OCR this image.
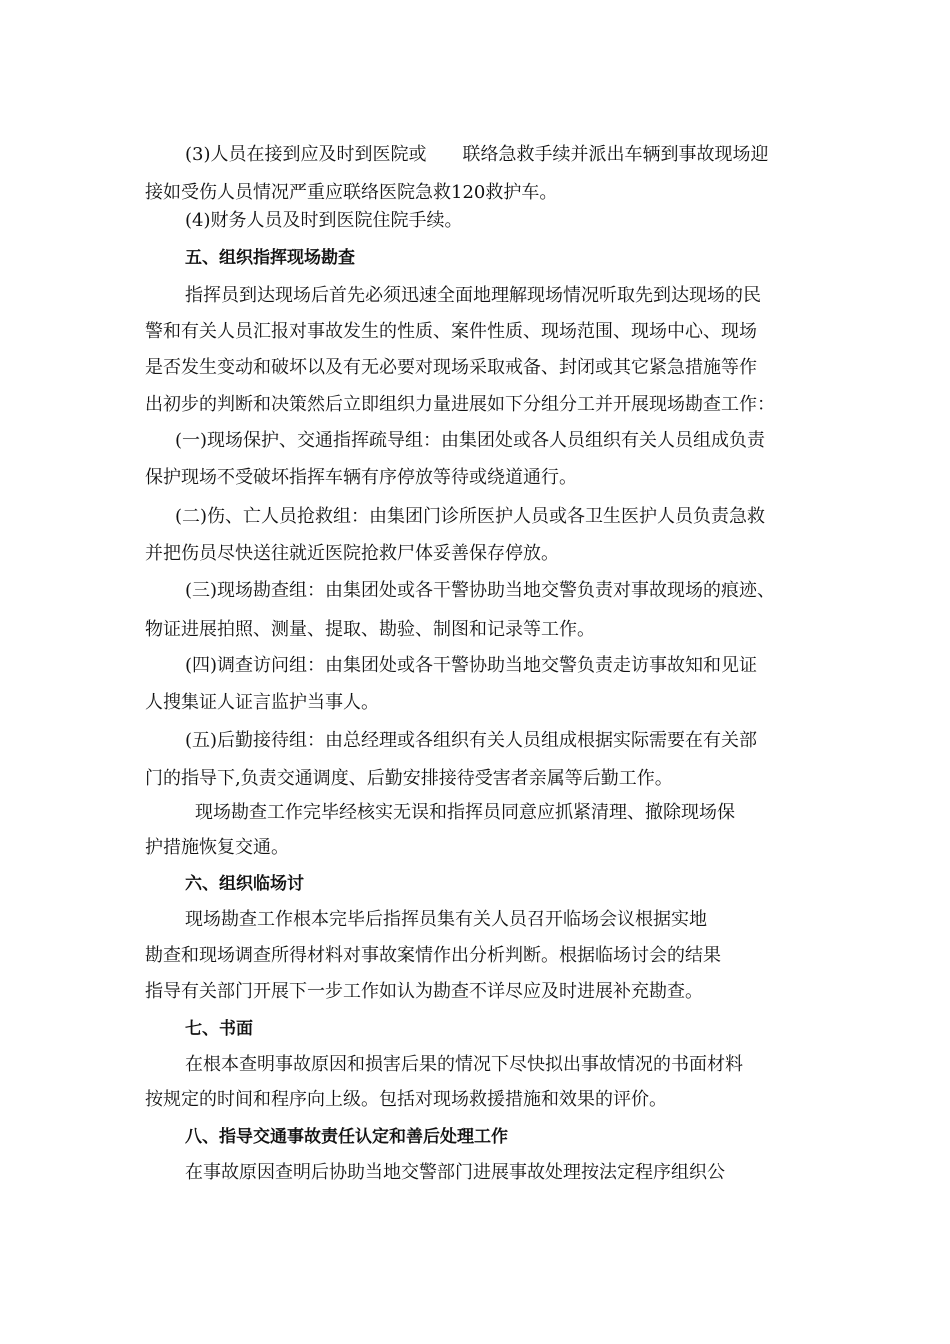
(3)人员在接到应及时到医院或　　联络急救手续并派出车辆到事故现场迎

接如受伤人员情况严重应联络医院急救120救护车。

(4)财务人员及时到医院住院手续。

五、组织指挥现场勘查

指挥员到达现场后首先必须迅速全面地理解现场情况听取先到达现场的民

警和有关人员汇报对事故发生的性质、案件性质、现场范围、现场中心、现场

是否发生变动和破坏以及有无必要对现场采取戒备、封闭或其它紧急措施等作

出初步的判断和决策然后立即组织力量进展如下分组分工并开展现场勘查工作：

(一)现场保护、交通指挥疏导组：由集团处或各人员组织有关人员组成负责

保护现场不受破坏指挥车辆有序停放等待或绕道通行。

(二)伤、亡人员抢救组：由集团门诊所医护人员或各卫生医护人员负责急救

并把伤员尽快送往就近医院抢救尸体妥善保存停放。

(三)现场勘查组：由集团处或各干警协助当地交警负责对事故现场的痕迹、

物证进展拍照、测量、提取、勘验、制图和记录等工作。

(四)调查访问组：由集团处或各干警协助当地交警负责走访事故知和见证

人搜集证人证言监护当事人。

(五)后勤接待组：由总经理或各组织有关人员组成根据实际需要在有关部

门的指导下,负责交通调度、后勤安排接待受害者亲属等后勤工作。

现场勘查工作完毕经核实无误和指挥员同意应抓紧清理、撤除现场保

护措施恢复交通。

六、组织临场讨

现场勘查工作根本完毕后指挥员集有关人员召开临场会议根据实地

勘查和现场调查所得材料对事故案情作出分析判断。根据临场讨会的结果

指导有关部门开展下一步工作如认为勘查不详尽应及时进展补充勘查。

七、书面

在根本查明事故原因和损害后果的情况下尽快拟出事故情况的书面材料

按规定的时间和程序向上级。包括对现场救援措施和效果的评价。

八、指导交通事故责任认定和善后处理工作

在事故原因查明后协助当地交警部门进展事故处理按法定程序组织公
